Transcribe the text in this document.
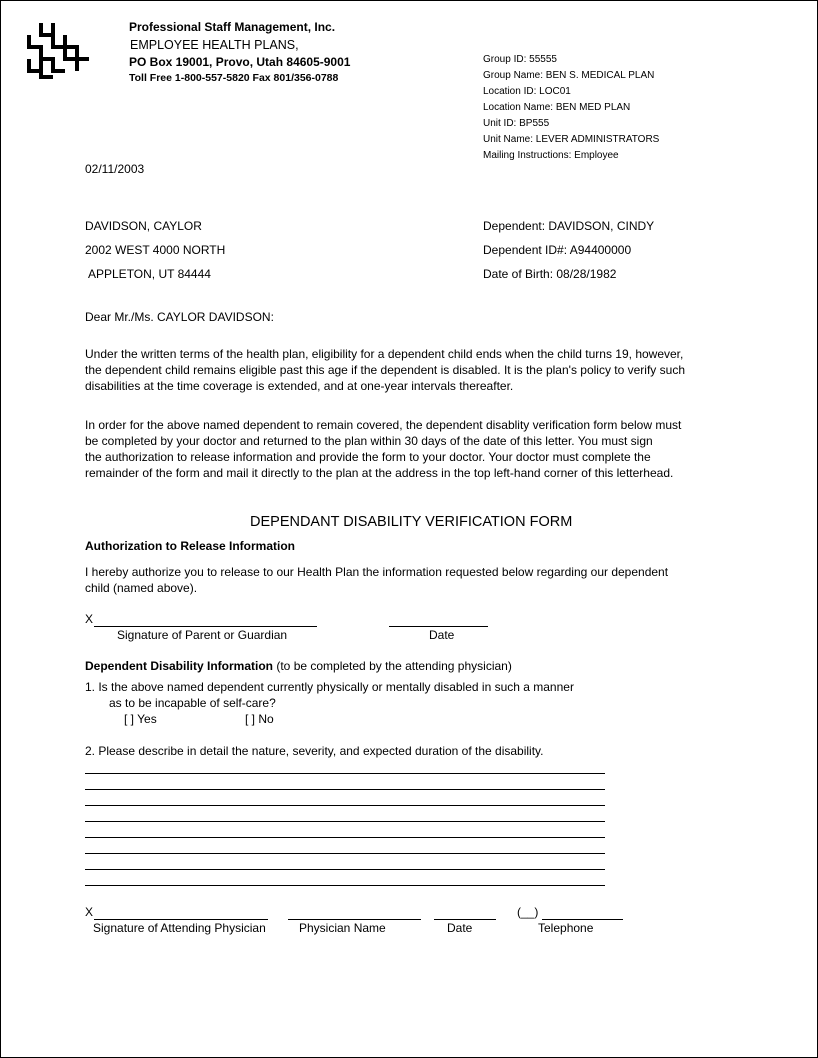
Professional Staff Management, Inc.
EMPLOYEE HEALTH PLANS,
PO Box 19001, Provo, Utah 84605-9001
Toll Free 1-800-557-5820 Fax 801/356-0788
Group ID: 55555
Group Name: BEN S. MEDICAL PLAN
Location ID: LOC01
Location Name: BEN MED PLAN
Unit ID: BP555
Unit Name: LEVER ADMINISTRATORS
Mailing Instructions: Employee
02/11/2003
DAVIDSON, CAYLOR
2002 WEST 4000 NORTH
APPLETON, UT 84444
Dependent: DAVIDSON, CINDY
Dependent ID#: A94400000
Date of Birth: 08/28/1982
Dear Mr./Ms. CAYLOR DAVIDSON:
Under the written terms of the health plan, eligibility for a dependent child ends when the child turns 19, however,
the dependent child remains eligible past this age if the dependent is disabled. It is the plan's policy to verify such
disabilities at the time coverage is extended, and at one-year intervals thereafter.
In order for the above named dependent to remain covered, the dependent disablity verification form below must
be completed by your doctor and returned to the plan within 30 days of the date of this letter. You must sign
the authorization to release information and provide the form to your doctor. Your doctor must complete the
remainder of the form and mail it directly to the plan at the address in the top left-hand corner of this letterhead.
DEPENDANT DISABILITY VERIFICATION FORM
Authorization to Release Information
I hereby authorize you to release to our Health Plan the information requested below regarding our dependent
child (named above).
X
Signature of Parent or Guardian	Date
Dependent Disability Information (to be completed by the attending physician)
1. Is the above named dependent currently physically or mentally disabled in such a manner
as to be incapable of self-care?
[ ] Yes	[ ] No
2. Please describe in detail the nature, severity, and expected duration of the disability.
X	(__)
Signature of Attending Physician	Physician Name	Date	Telephone
